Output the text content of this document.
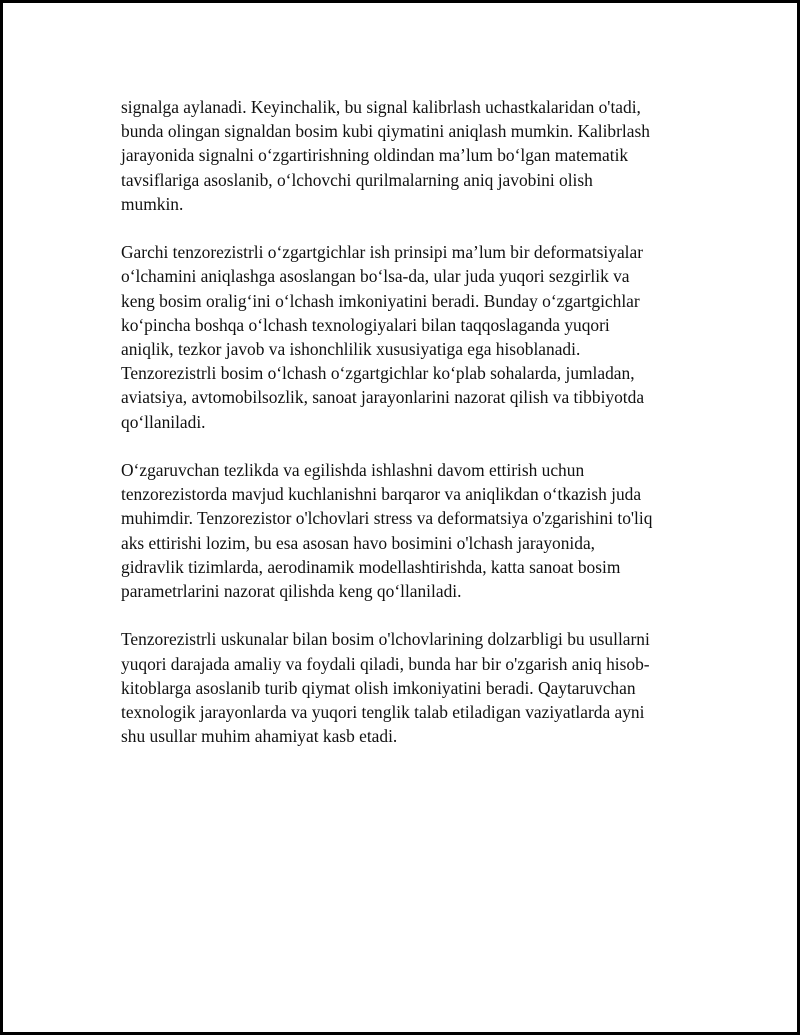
signalga aylanadi. Keyinchalik, bu signal kalibrlash uchastkalaridan o'tadi,
bunda olingan signaldan bosim kubi qiymatini aniqlash mumkin. Kalibrlash
jarayonida signalni o‘zgartirishning oldindan ma’lum bo‘lgan matematik
tavsiflariga asoslanib, o‘lchovchi qurilmalarning aniq javobini olish
mumkin.

Garchi tenzorezistrli o‘zgartgichlar ish prinsipi ma’lum bir deformatsiyalar
o‘lchamini aniqlashga asoslangan bo‘lsa-da, ular juda yuqori sezgirlik va
keng bosim oralig‘ini o‘lchash imkoniyatini beradi. Bunday o‘zgartgichlar
ko‘pincha boshqa o‘lchash texnologiyalari bilan taqqoslaganda yuqori
aniqlik, tezkor javob va ishonchlilik xususiyatiga ega hisoblanadi.
Tenzorezistrli bosim o‘lchash o‘zgartgichlar ko‘plab sohalarda, jumladan,
aviatsiya, avtomobilsozlik, sanoat jarayonlarini nazorat qilish va tibbiyotda
qo‘llaniladi.

O‘zgaruvchan tezlikda va egilishda ishlashni davom ettirish uchun
tenzorezistorda mavjud kuchlanishni barqaror va aniqlikdan o‘tkazish juda
muhimdir. Tenzorezistor o'lchovlari stress va deformatsiya o'zgarishini to'liq
aks ettirishi lozim, bu esa asosan havo bosimini o'lchash jarayonida,
gidravlik tizimlarda, aerodinamik modellashtirishda, katta sanoat bosim
parametrlarini nazorat qilishda keng qo‘llaniladi.

Tenzorezistrli uskunalar bilan bosim o'lchovlarining dolzarbligi bu usullarni
yuqori darajada amaliy va foydali qiladi, bunda har bir o'zgarish aniq hisob-
kitoblarga asoslanib turib qiymat olish imkoniyatini beradi. Qaytaruvchan
texnologik jarayonlarda va yuqori tenglik talab etiladigan vaziyatlarda ayni
shu usullar muhim ahamiyat kasb etadi.
